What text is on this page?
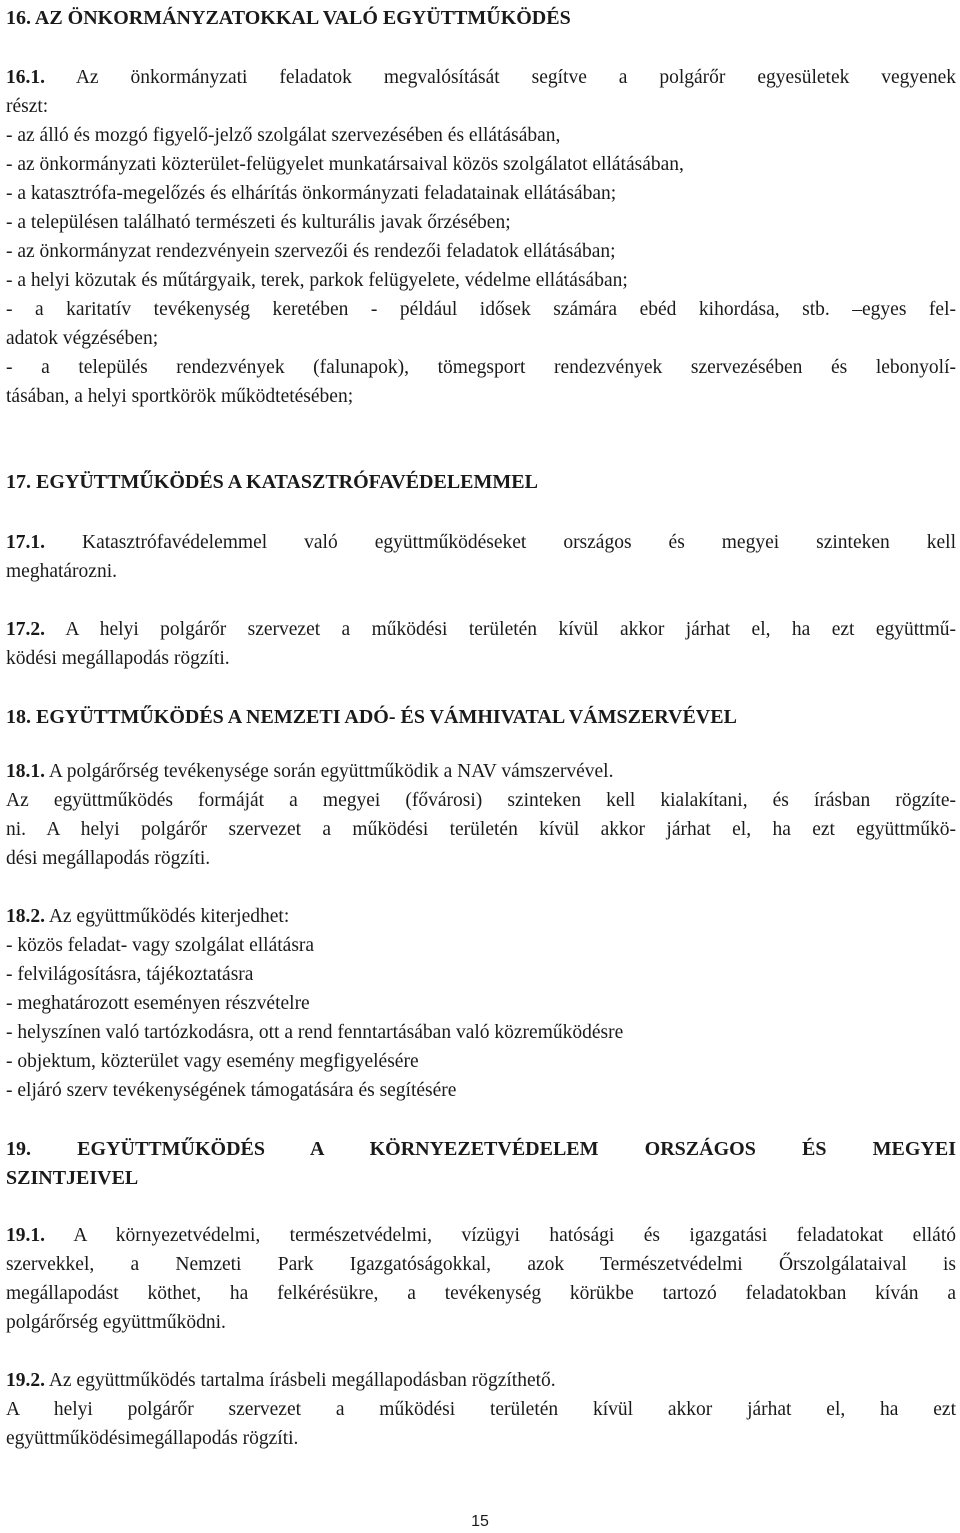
16. AZ ÖNKORMÁNYZATOKKAL VALÓ EGYÜTTMŰKÖDÉS
16.1. Az önkormányzati feladatok megvalósítását segítve a polgárőr egyesületek vegyenek
részt:
- az álló és mozgó figyelő-jelző szolgálat szervezésében és ellátásában,
- az önkormányzati közterület-felügyelet munkatársaival közös szolgálatot ellátásában,
- a katasztrófa-megelőzés és elhárítás önkormányzati feladatainak ellátásában;
- a településen található természeti és kulturális javak őrzésében;
- az önkormányzat rendezvényein szervezői és rendezői feladatok ellátásában;
- a helyi közutak és műtárgyaik, terek, parkok felügyelete, védelme ellátásában;
- a karitatív tevékenység keretében - például idősek számára ebéd kihordása, stb. –egyes fel-
adatok végzésében;
- a település rendezvények (falunapok), tömegsport rendezvények szervezésében és lebonyolí-
tásában, a helyi sportkörök működtetésében;
17. EGYÜTTMŰKÖDÉS A KATASZTRÓFAVÉDELEMMEL
17.1. Katasztrófavédelemmel való együttműködéseket országos és megyei szinteken kell
meghatározni.
17.2. A helyi polgárőr szervezet a működési területén kívül akkor járhat el, ha ezt együttmű-
ködési megállapodás rögzíti.
18. EGYÜTTMŰKÖDÉS A NEMZETI ADÓ- ÉS VÁMHIVATAL VÁMSZERVÉVEL
18.1. A polgárőrség tevékenysége során együttműködik a NAV vámszervével.
Az együttműködés formáját a megyei (fővárosi) szinteken kell kialakítani, és írásban rögzíte-
ni. A helyi polgárőr szervezet a működési területén kívül akkor járhat el, ha ezt együttműkö-
dési megállapodás rögzíti.
18.2. Az együttműködés kiterjedhet:
- közös feladat- vagy szolgálat ellátásra
- felvilágosításra, tájékoztatásra
- meghatározott eseményen részvételre
- helyszínen való tartózkodásra, ott a rend fenntartásában való közreműködésre
- objektum, közterület vagy esemény megfigyelésére
- eljáró szerv tevékenységének támogatására és segítésére
19. EGYÜTTMŰKÖDÉS A KÖRNYEZETVÉDELEM ORSZÁGOS ÉS MEGYEI
SZINTJEIVEL
19.1. A környezetvédelmi, természetvédelmi, vízügyi hatósági és igazgatási feladatokat ellátó
szervekkel, a Nemzeti Park Igazgatóságokkal, azok Természetvédelmi Őrszolgálataival is
megállapodást köthet, ha felkérésükre, a tevékenység körükbe tartozó feladatokban kíván a
polgárőrség együttműködni.
19.2. Az együttműködés tartalma írásbeli megállapodásban rögzíthető.
A helyi polgárőr szervezet a működési területén kívül akkor járhat el, ha ezt
együttműködésimegállapodás rögzíti.
15
